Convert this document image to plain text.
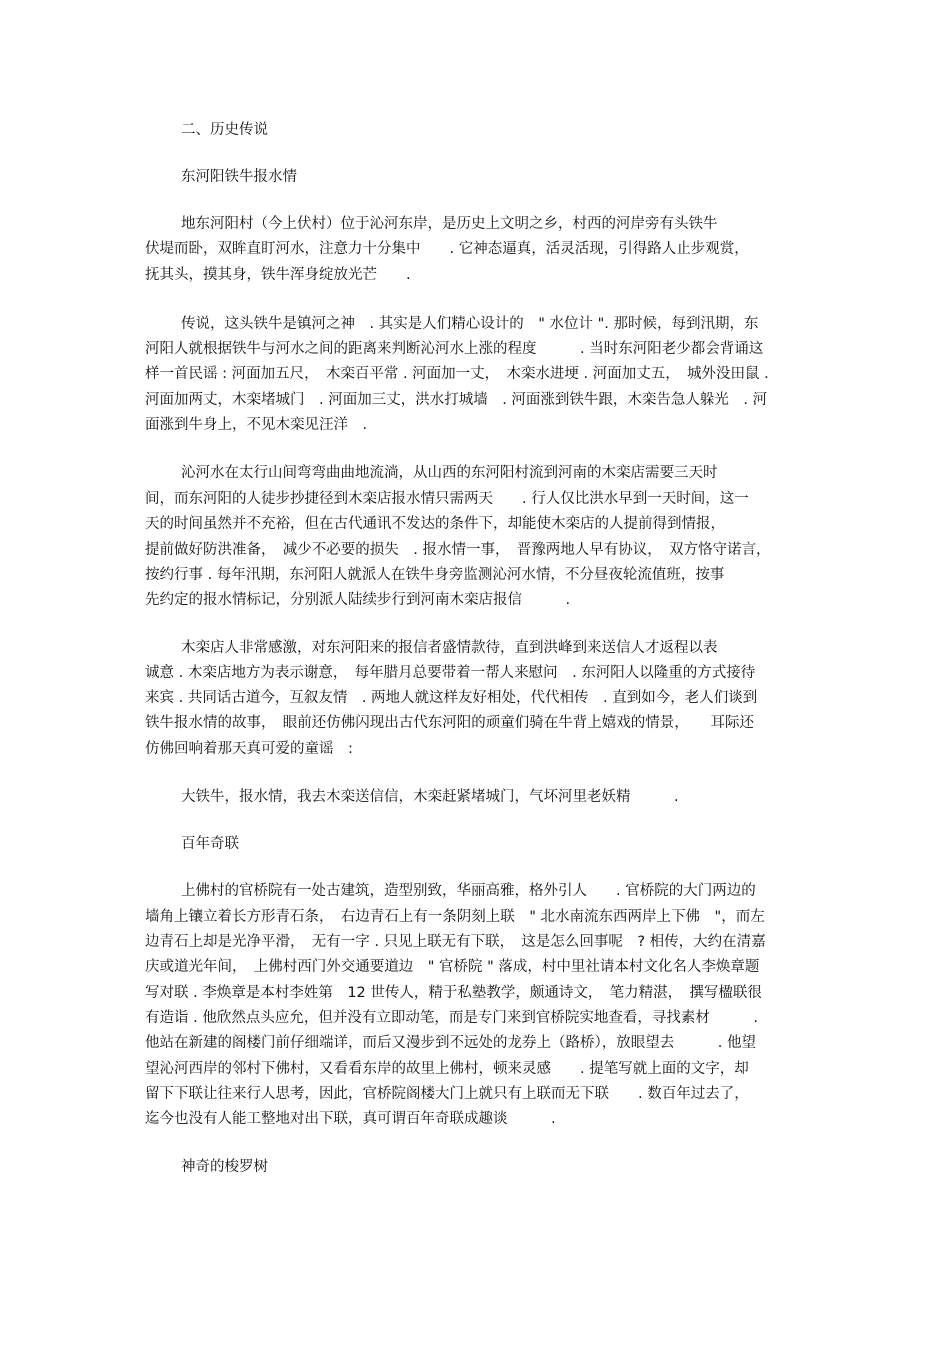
二、历史传说
东河阳铁牛报水情
地东河阳村（今上伏村）位于沁河东岸，是历史上文明之乡，村西的河岸旁有头铁牛
伏堤而卧，双眸直盯河水，注意力十分集中　　. 它神态逼真，活灵活现，引得路人止步观赏，
抚其头，摸其身，铁牛浑身绽放光芒　　.
传说，这头铁牛是镇河之神　. 其实是人们精心设计的　" 水位计 ". 那时候，每到汛期，东
河阳人就根据铁牛与河水之间的距离来判断沁河水上涨的程度　　　. 当时东河阳老少都会背诵这
样一首民谣 : 河面加五尺，　木栾百平常 . 河面加一丈，　木栾水进埂 . 河面加丈五，　城外没田鼠 .
河面加两丈，木栾堵城门　. 河面加三丈，洪水打城墙　. 河面涨到铁牛跟，木栾告急人躲光　. 河
面涨到牛身上，不见木栾见汪洋　.
沁河水在太行山间弯弯曲曲地流淌，从山西的东河阳村流到河南的木栾店需要三天时
间，而东河阳的人徒步抄捷径到木栾店报水情只需两天　　. 行人仅比洪水早到一天时间，这一
天的时间虽然并不充裕，但在古代通讯不发达的条件下，却能使木栾店的人提前得到情报，
提前做好防洪准备，　减少不必要的损失　. 报水情一事，　晋豫两地人早有协议，　双方恪守诺言，
按约行事 . 每年汛期，东河阳人就派人在铁牛身旁监测沁河水情，不分昼夜轮流值班，按事
先约定的报水情标记，分别派人陆续步行到河南木栾店报信　　　.
木栾店人非常感激，对东河阳来的报信者盛情款待，直到洪峰到来送信人才返程以表
诚意 . 木栾店地方为表示谢意，　每年腊月总要带着一帮人来慰问　. 东河阳人以隆重的方式接待
来宾 . 共同话古道今，互叙友情　. 两地人就这样友好相处，代代相传　. 直到如今，老人们谈到
铁牛报水情的故事，　眼前还仿佛闪现出古代东河阳的顽童们骑在牛背上嬉戏的情景，　　耳际还
仿佛回响着那天真可爱的童谣　:
大铁牛，报水情，我去木栾送信信，木栾赶紧堵城门，气坏河里老妖精　　　.
百年奇联
上佛村的官桥院有一处古建筑，造型别致，华丽高雅，格外引人　　. 官桥院的大门两边的
墙角上镶立着长方形青石条，　右边青石上有一条阴刻上联　" 北水南流东西两岸上下佛　"，而左
边青石上却是光净平滑，　无有一字 . 只见上联无有下联，　这是怎么回事呢　? 相传，大约在清嘉
庆或道光年间，　上佛村西门外交通要道边　" 官桥院 " 落成，村中里社请本村文化名人李焕章题
写对联 . 李焕章是本村李姓第　12 世传人，精于私塾教学，颇通诗文，　笔力精湛，　撰写楹联很
有造诣 . 他欣然点头应允，但并没有立即动笔，而是专门来到官桥院实地查看，寻找素材　　　.
他站在新建的阁楼门前仔细端详，而后又漫步到不远处的龙券上（路桥），放眼望去　　　. 他望
望沁河西岸的邻村下佛村，又看看东岸的故里上佛村，顿来灵感　　. 提笔写就上面的文字，却
留下下联让往来行人思考，因此，官桥院阁楼大门上就只有上联而无下联　　. 数百年过去了，
迄今也没有人能工整地对出下联，真可谓百年奇联成趣谈　　　.
神奇的梭罗树
